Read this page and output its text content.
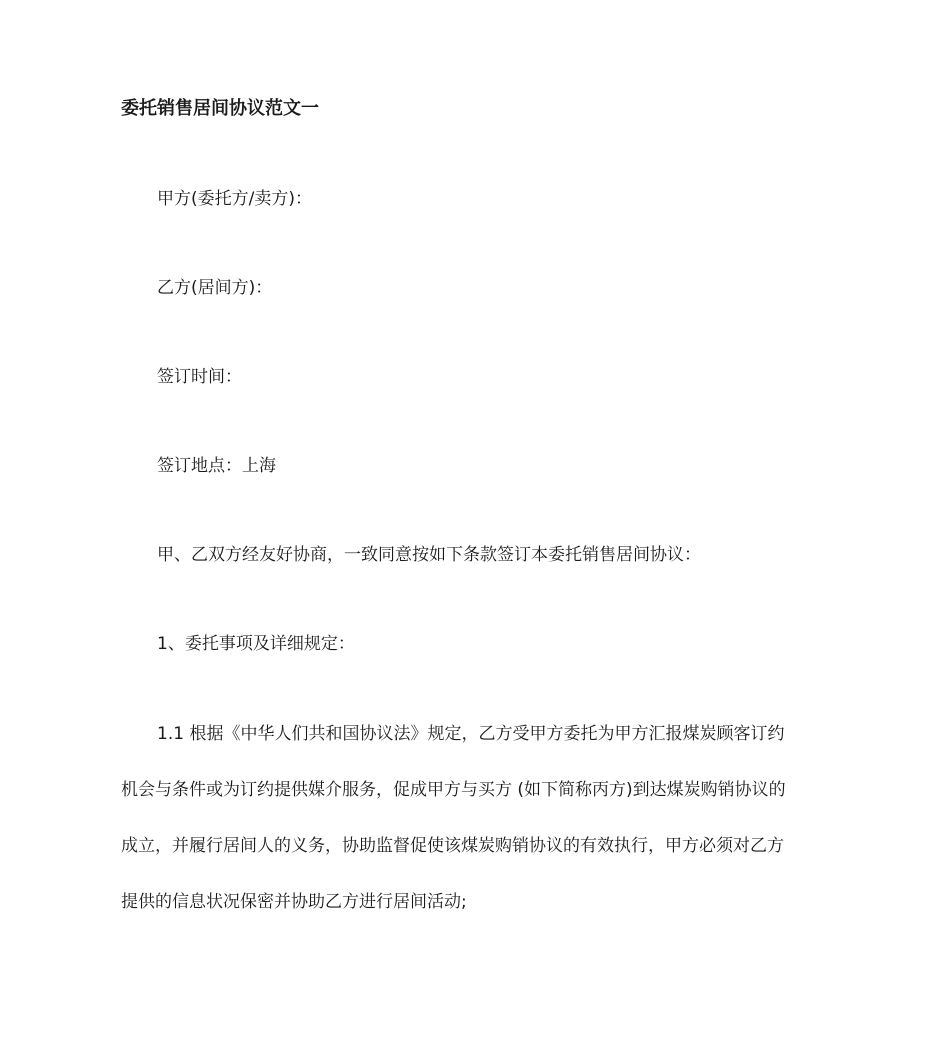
委托销售居间协议范文一

甲方(委托方/卖方)：

乙方(居间方)：

签订时间：

签订地点：上海

甲、乙双方经友好协商，一致同意按如下条款签订本委托销售居间协议：

1、委托事项及详细规定：

1.1 根据《中华人们共和国协议法》规定，乙方受甲方委托为甲方汇报煤炭顾客订约
机会与条件或为订约提供媒介服务，促成甲方与买方 (如下简称丙方)到达煤炭购销协议的
成立，并履行居间人的义务，协助监督促使该煤炭购销协议的有效执行，甲方必须对乙方
提供的信息状况保密并协助乙方进行居间活动;
